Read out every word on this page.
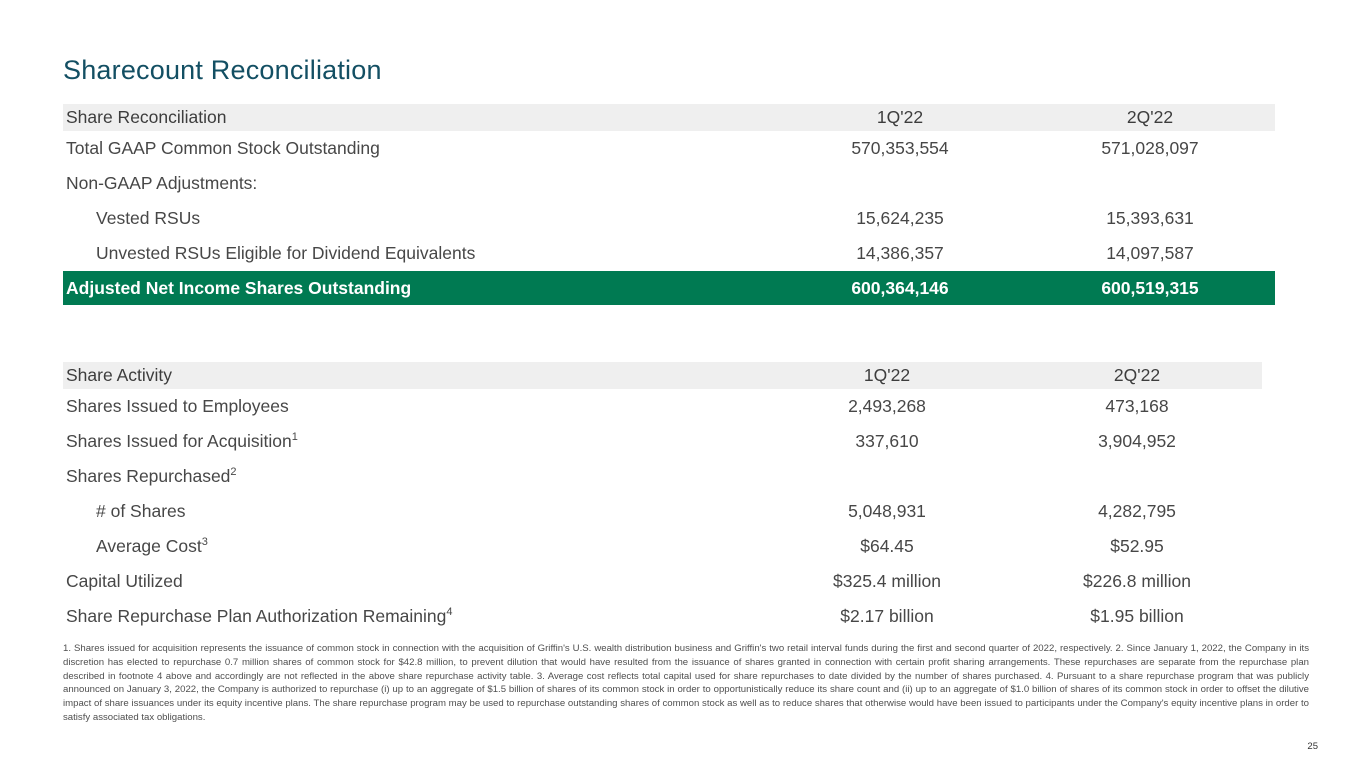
Sharecount Reconciliation
Share Reconciliation	1Q'22	2Q'22
Total GAAP Common Stock Outstanding	570,353,554	571,028,097
Non-GAAP Adjustments:
Vested RSUs	15,624,235	15,393,631
Unvested RSUs Eligible for Dividend Equivalents	14,386,357	14,097,587
Adjusted Net Income Shares Outstanding	600,364,146	600,519,315
Share Activity	1Q'22	2Q'22
Shares Issued to Employees	2,493,268	473,168
Shares Issued for Acquisition$^1$	337,610	3,904,952
Shares Repurchased$^2$
# of Shares	5,048,931	4,282,795
Average Cost$^3$	$64.45	$52.95
Capital Utilized	$325.4 million	$226.8 million
Share Repurchase Plan Authorization Remaining$^4$	$2.17 billion	$1.95 billion

1. Shares issued for acquisition represents the issuance of common stock in connection with the acquisition of Griffin's U.S. wealth distribution business and Griffin's two retail interval funds during the first and second quarter of 2022, respectively. 2. Since January 1, 2022, the Company in its discretion has elected to repurchase 0.7 million shares of common stock for $42.8 million, to prevent dilution that would have resulted from the issuance of shares granted in connection with certain profit sharing arrangements. These repurchases are separate from the repurchase plan described in footnote 4 above and accordingly are not reflected in the above share repurchase activity table. 3. Average cost reflects total capital used for share repurchases to date divided by the number of shares purchased. 4. Pursuant to a share repurchase program that was publicly announced on January 3, 2022, the Company is authorized to repurchase (i) up to an aggregate of $1.5 billion of shares of its common stock in order to opportunistically reduce its share count and (ii) up to an aggregate of $1.0 billion of shares of its common stock in order to offset the dilutive impact of share issuances under its equity incentive plans. The share repurchase program may be used to repurchase outstanding shares of common stock as well as to reduce shares that otherwise would have been issued to participants under the Company's equity incentive plans in order to satisfy associated tax obligations.

25
